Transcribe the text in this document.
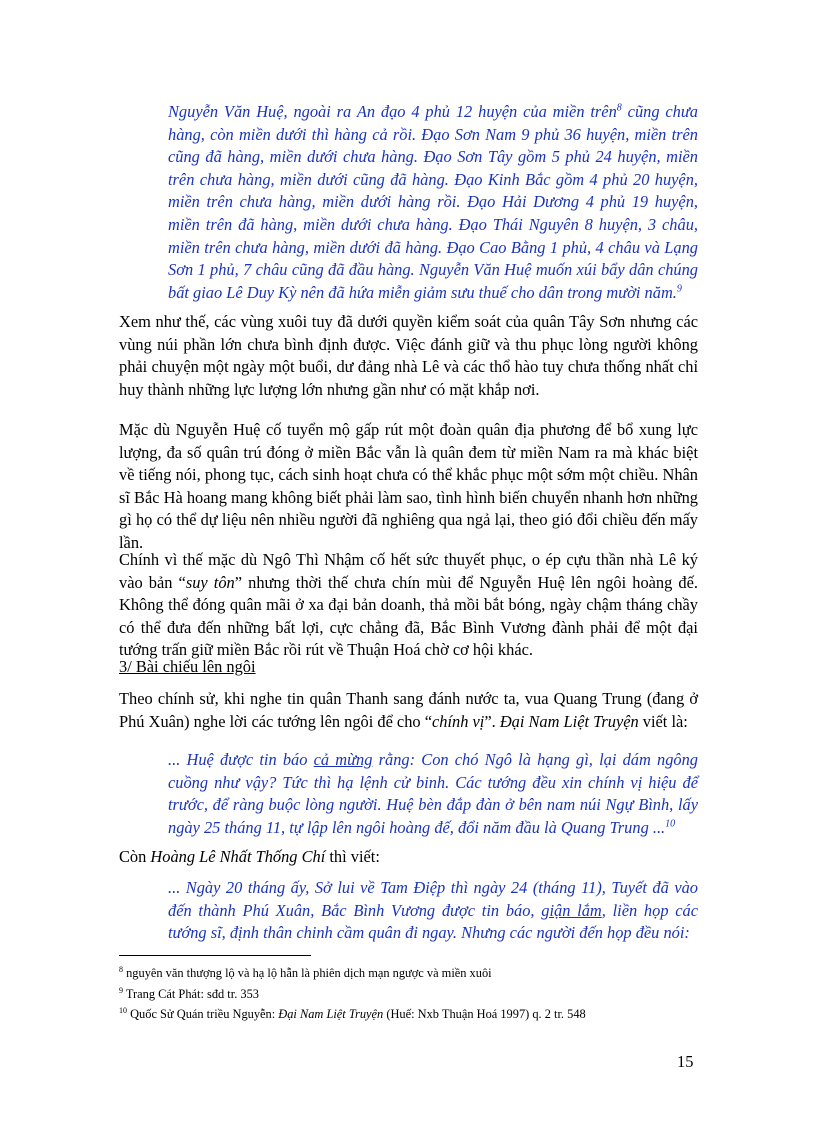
Nguyễn Văn Huệ, ngoài ra An đạo 4 phủ 12 huyện của miền trên$^8$ cũng chưa hàng, còn miền dưới thì hàng cả rồi. Đạo Sơn Nam 9 phủ 36 huyện, miền trên cũng đã hàng, miền dưới chưa hàng. Đạo Sơn Tây gồm 5 phủ 24 huyện, miền trên chưa hàng, miền dưới cũng đã hàng. Đạo Kinh Bắc gồm 4 phủ 20 huyện, miền trên chưa hàng, miền dưới hàng rồi. Đạo Hải Dương 4 phủ 19 huyện, miền trên đã hàng, miền dưới chưa hàng. Đạo Thái Nguyên 8 huyện, 3 châu, miền trên chưa hàng, miền dưới đã hàng. Đạo Cao Bằng 1 phủ, 4 châu và Lạng Sơn 1 phủ, 7 châu cũng đã đầu hàng. Nguyễn Văn Huệ muốn xúi bẩy dân chúng bất giao Lê Duy Kỳ nên đã hứa miễn giảm sưu thuế cho dân trong mười năm.$^9$
Xem như thế, các vùng xuôi tuy đã dưới quyền kiểm soát của quân Tây Sơn nhưng các vùng núi phần lớn chưa bình định được. Việc đánh giữ và thu phục lòng người không phải chuyện một ngày một buổi, dư đảng nhà Lê và các thổ hào tuy chưa thống nhất chỉ huy thành những lực lượng lớn nhưng gần như có mặt khắp nơi.
Mặc dù Nguyễn Huệ cố tuyển mộ gấp rút một đoàn quân địa phương để bổ xung lực lượng, đa số quân trú đóng ở miền Bắc vẫn là quân đem từ miền Nam ra mà khác biệt về tiếng nói, phong tục, cách sinh hoạt chưa có thể khắc phục một sớm một chiều. Nhân sĩ Bắc Hà hoang mang không biết phải làm sao, tình hình biến chuyển nhanh hơn những gì họ có thể dự liệu nên nhiều người đã nghiêng qua ngả lại, theo gió đổi chiều đến mấy lần.
Chính vì thế mặc dù Ngô Thì Nhậm cố hết sức thuyết phục, o ép cựu thần nhà Lê ký vào bản “suy tôn” nhưng thời thế chưa chín mùi để Nguyễn Huệ lên ngôi hoàng đế. Không thể đóng quân mãi ở xa đại bản doanh, thả mồi bắt bóng, ngày chậm tháng chầy có thể đưa đến những bất lợi, cực chẳng đã, Bắc Bình Vương đành phải để một đại tướng trấn giữ miền Bắc rồi rút về Thuận Hoá chờ cơ hội khác.
3/ Bài chiếu lên ngôi
Theo chính sử, khi nghe tin quân Thanh sang đánh nước ta, vua Quang Trung (đang ở Phú Xuân) nghe lời các tướng lên ngôi để cho “chính vị”. Đại Nam Liệt Truyện viết là:
... Huệ được tin báo cả mừng rằng: Con chó Ngô là hạng gì, lại dám ngông cuồng như vậy? Tức thì hạ lệnh cử binh. Các tướng đều xin chính vị hiệu để trước, để ràng buộc lòng người. Huệ bèn đắp đàn ở bên nam núi Ngự Bình, lấy ngày 25 tháng 11, tự lập lên ngôi hoàng đế, đổi năm đầu là Quang Trung ...$^{10}$
Còn Hoàng Lê Nhất Thống Chí thì viết:
... Ngày 20 tháng ấy, Sở lui về Tam Điệp thì ngày 24 (tháng 11), Tuyết đã vào đến thành Phú Xuân, Bắc Bình Vương được tin báo, giận lắm, liền họp các tướng sĩ, định thân chinh cầm quân đi ngay. Nhưng các người đến họp đều nói:
$^8$ nguyên văn thượng lộ và hạ lộ hẫn là phiên dịch mạn ngược và miền xuôi
$^9$ Trang Cát Phát: sđd tr. 353
$^{10}$ Quốc Sử Quán triều Nguyễn: Đại Nam Liệt Truyện (Huế: Nxb Thuận Hoá 1997) q. 2 tr. 548
15
